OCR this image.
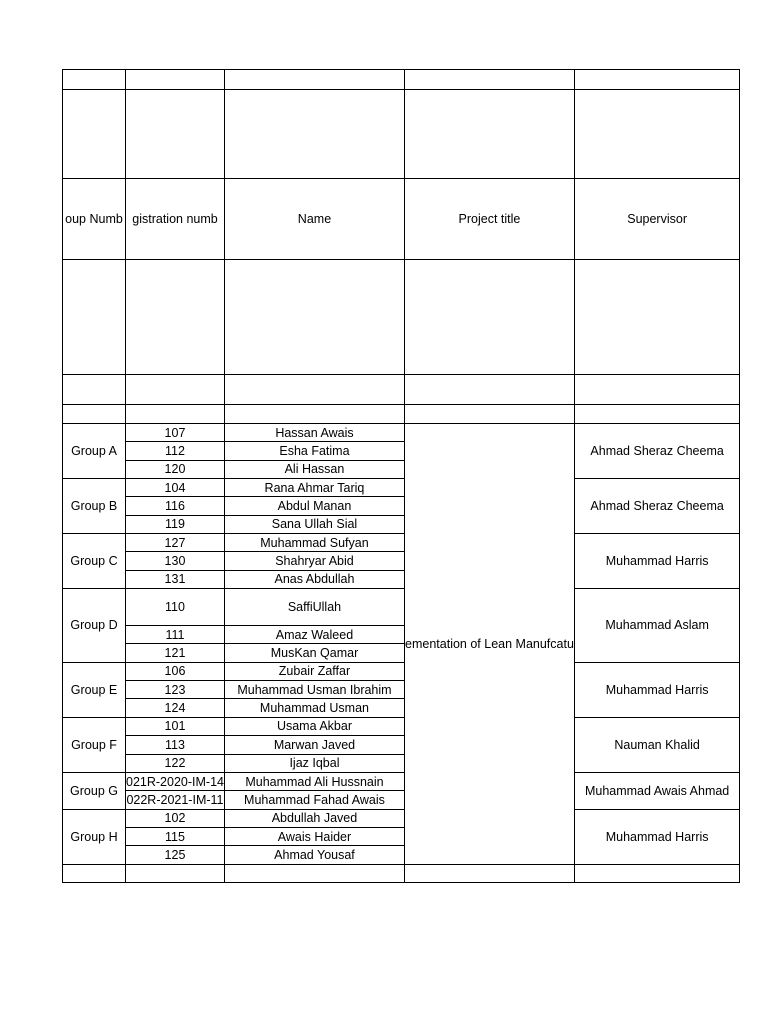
oup Numb	gistration numb	Name	Project title	Supervisor

Group A	107	Hassan Awais	ementation of Lean Manufcatu	Ahmad Sheraz Cheema

	112	Esha Fatima		

	120	Ali Hassan		
Group B	104	Rana Ahmar Tariq		Ahmad Sheraz Cheema

	116	Abdul Manan		

	119	Sana Ullah Sial		
Group C	127	Muhammad Sufyan		Muhammad Harris

	130	Shahryar Abid		

	131	Anas Abdullah		
Group D	110	SaffiUllah		Muhammad Aslam

	111	Amaz Waleed		

	121	MusKan Qamar		
Group E	106	Zubair Zaffar		Muhammad Harris

	123	Muhammad Usman Ibrahim		

	124	Muhammad Usman		
Group F	101	Usama Akbar		Nauman Khalid

	113	Marwan Javed		

	122	Ijaz Iqbal		
Group G	021R-2020-IM-14	Muhammad Ali Hussnain		Muhammad Awais Ahmad

	022R-2021-IM-11	Muhammad Fahad Awais		
Group H	102	Abdullah Javed		Muhammad Harris

	115	Awais Haider		

	125	Ahmad Yousaf		
